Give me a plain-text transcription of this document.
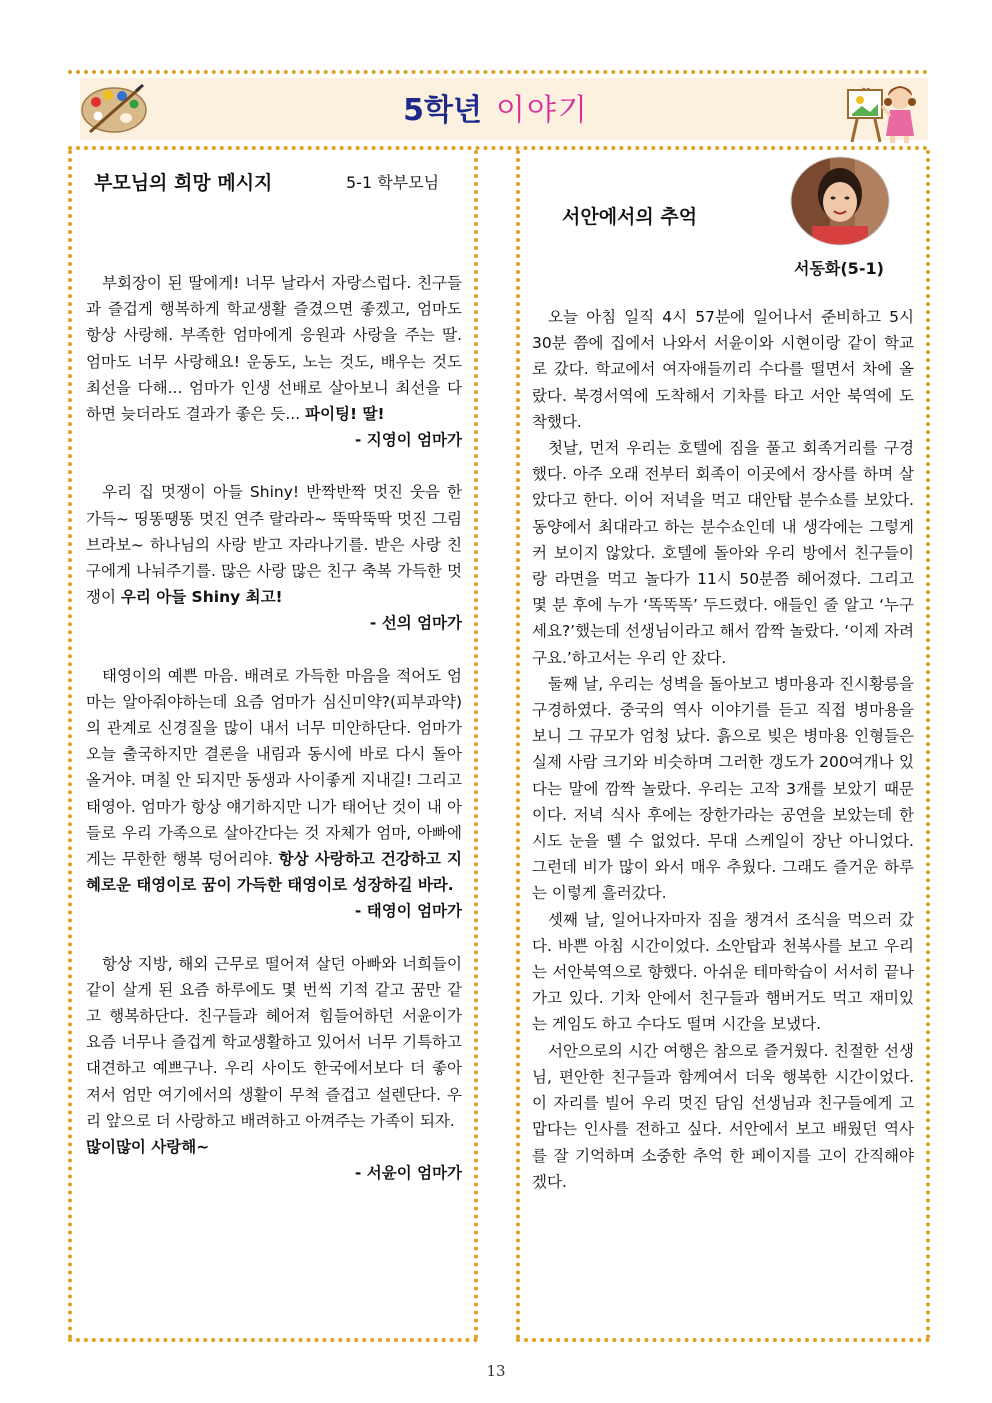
5학년 이야기
부모님의 희망 메시지	5-1 학부모님

부회장이 된 딸에게! 너무 날라서 자랑스럽다. 친구들과 즐겁게 행복하게 학교생활 즐겼으면 좋겠고, 엄마도 항상 사랑해. 부족한 엄마에게 응원과 사랑을 주는 딸. 엄마도 너무 사랑해요! 운동도, 노는 것도, 배우는 것도 최선을 다해... 엄마가 인생 선배로 살아보니 최선을 다하면 늦더라도 결과가 좋은 듯... 파이팅! 딸!

- 지영이 엄마가

우리 집 멋쟁이 아들 Shiny! 반짝반짝 멋진 웃음 한 가득~ 띵똥땡똥 멋진 연주 랄라라~ 뚝딱뚝딱 멋진 그림 브라보~ 하나님의 사랑 받고 자라나기를. 받은 사랑 친구에게 나눠주기를. 많은 사랑 많은 친구 축복 가득한 멋쟁이 우리 아들 Shiny 최고!

- 선의 엄마가

태영이의 예쁜 마음. 배려로 가득한 마음을 적어도 엄마는 알아줘야하는데 요즘 엄마가 심신미약?(피부과약)의 관계로 신경질을 많이 내서 너무 미안하단다. 엄마가 오늘 출국하지만 결론을 내림과 동시에 바로 다시 돌아 올거야. 며칠 안 되지만 동생과 사이좋게 지내길! 그리고 태영아. 엄마가 항상 얘기하지만 니가 태어난 것이 내 아들로 우리 가족으로 살아간다는 것 자체가 엄마, 아빠에게는 무한한 행복 덩어리야. 항상 사랑하고 건강하고 지혜로운 태영이로 꿈이 가득한 태영이로 성장하길 바라.

- 태영이 엄마가

항상 지방, 해외 근무로 떨어져 살던 아빠와 너희들이 같이 살게 된 요즘 하루에도 몇 번씩 기적 같고 꿈만 같고 행복하단다. 친구들과 헤어져 힘들어하던 서윤이가 요즘 너무나 즐겁게 학교생활하고 있어서 너무 기특하고 대견하고 예쁘구나. 우리 사이도 한국에서보다 더 좋아져서 엄만 여기에서의 생활이 무척 즐겁고 설렌단다. 우리 앞으로 더 사랑하고 배려하고 아껴주는 가족이 되자.

많이많이 사랑해~

- 서윤이 엄마가

서안에서의 추억
서동화(5-1)

오늘 아침 일직 4시 57분에 일어나서 준비하고 5시 30분 쯤에 집에서 나와서 서윤이와 시현이랑 같이 학교로 갔다. 학교에서 여자애들끼리 수다를 떨면서 차에 올랐다. 북경서역에 도착해서 기차를 타고 서안 북역에 도착했다.

첫날, 먼저 우리는 호텔에 짐을 풀고 회족거리를 구경했다. 아주 오래 전부터 회족이 이곳에서 장사를 하며 살았다고 한다. 이어 저녁을 먹고 대안탑 분수쇼를 보았다. 동양에서 최대라고 하는 분수쇼인데 내 생각에는 그렇게 커 보이지 않았다. 호텔에 돌아와 우리 방에서 친구들이랑 라면을 먹고 놀다가 11시 50분쯤 헤어졌다. 그리고 몇 분 후에 누가 ‘똑똑똑’ 두드렸다. 애들인 줄 알고 ‘누구세요?’했는데 선생님이라고 해서 깜짝 놀랐다. ‘이제 자려구요.’하고서는 우리 안 잤다.

둘째 날, 우리는 성벽을 돌아보고 병마용과 진시황릉을 구경하였다. 중국의 역사 이야기를 듣고 직접 병마용을 보니 그 규모가 엄청 났다. 흙으로 빚은 병마용 인형들은 실제 사람 크기와 비슷하며 그러한 갱도가 200여개나 있다는 말에 깜짝 놀랐다. 우리는 고작 3개를 보았기 때문이다. 저녁 식사 후에는 장한가라는 공연을 보았는데 한 시도 눈을 뗄 수 없었다. 무대 스케일이 장난 아니었다. 그런데 비가 많이 와서 매우 추웠다. 그래도 즐거운 하루는 이렇게 흘러갔다.

셋째 날, 일어나자마자 짐을 챙겨서 조식을 먹으러 갔다. 바쁜 아침 시간이었다. 소안탑과 천복사를 보고 우리는 서안북역으로 향했다. 아쉬운 테마학습이 서서히 끝나가고 있다. 기차 안에서 친구들과 햄버거도 먹고 재미있는 게임도 하고 수다도 떨며 시간을 보냈다.

서안으로의 시간 여행은 참으로 즐거웠다. 친절한 선생님, 편안한 친구들과 함께여서 더욱 행복한 시간이었다. 이 자리를 빌어 우리 멋진 담임 선생님과 친구들에게 고맙다는 인사를 전하고 싶다. 서안에서 보고 배웠던 역사를 잘 기억하며 소중한 추억 한 페이지를 고이 간직해야겠다.

13
